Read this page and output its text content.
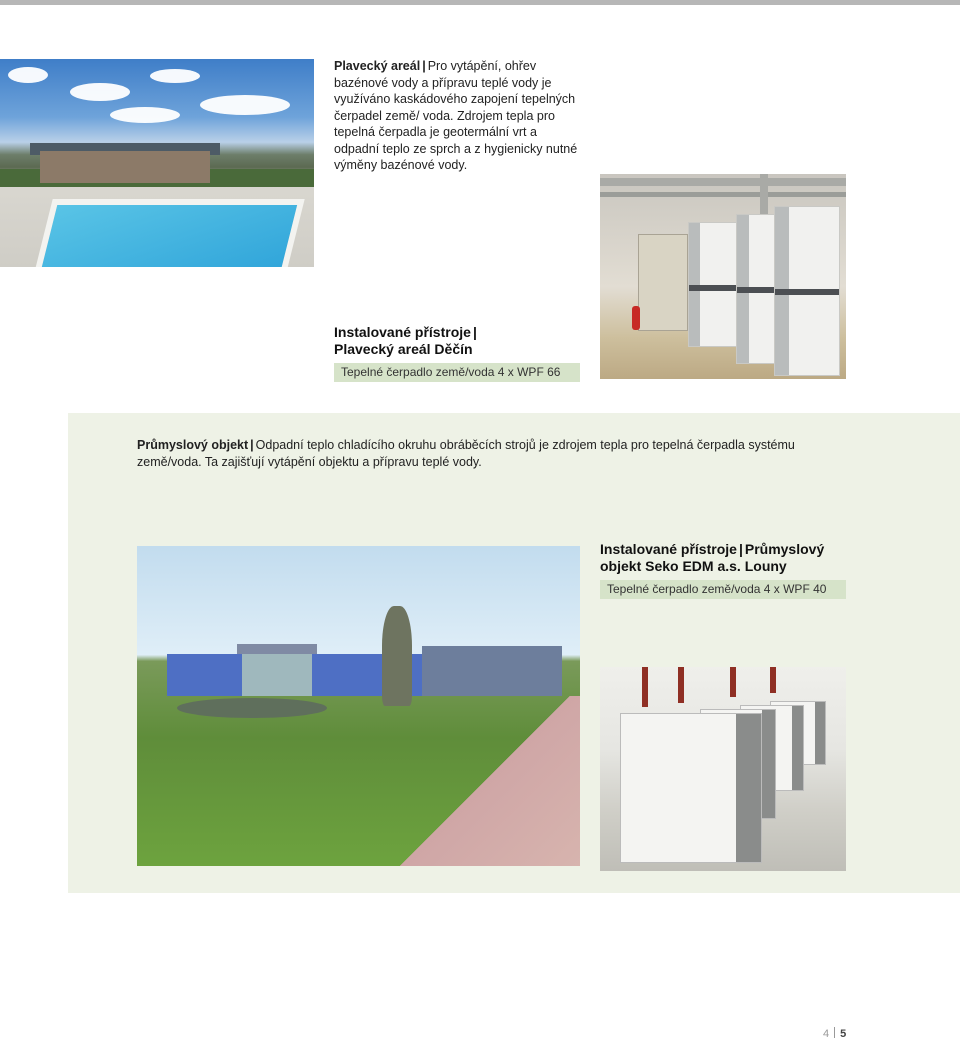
Plavecký areál | Pro vytápění, ohřev bazénové vody a přípravu teplé vody je využíváno kaskádového zapojení tepelných čerpadel země/ voda. Zdrojem tepla pro tepelná čerpadla je geotermální vrt a odpadní teplo ze sprch a z hygienicky nutné výměny bazénové vody.
Instalované přístroje |
Plavecký areál Děčín
Tepelné čerpadlo země/voda 4 x WPF 66
Průmyslový objekt | Odpadní teplo chladícího okruhu obráběcích strojů je zdrojem tepla pro tepelná čerpadla systému země/voda. Ta zajišťují vytápění objektu a přípravu teplé vody.
Instalované přístroje | Průmyslový objekt Seko EDM a.s. Louny
Tepelné čerpadlo země/voda 4 x WPF 40
4 5
